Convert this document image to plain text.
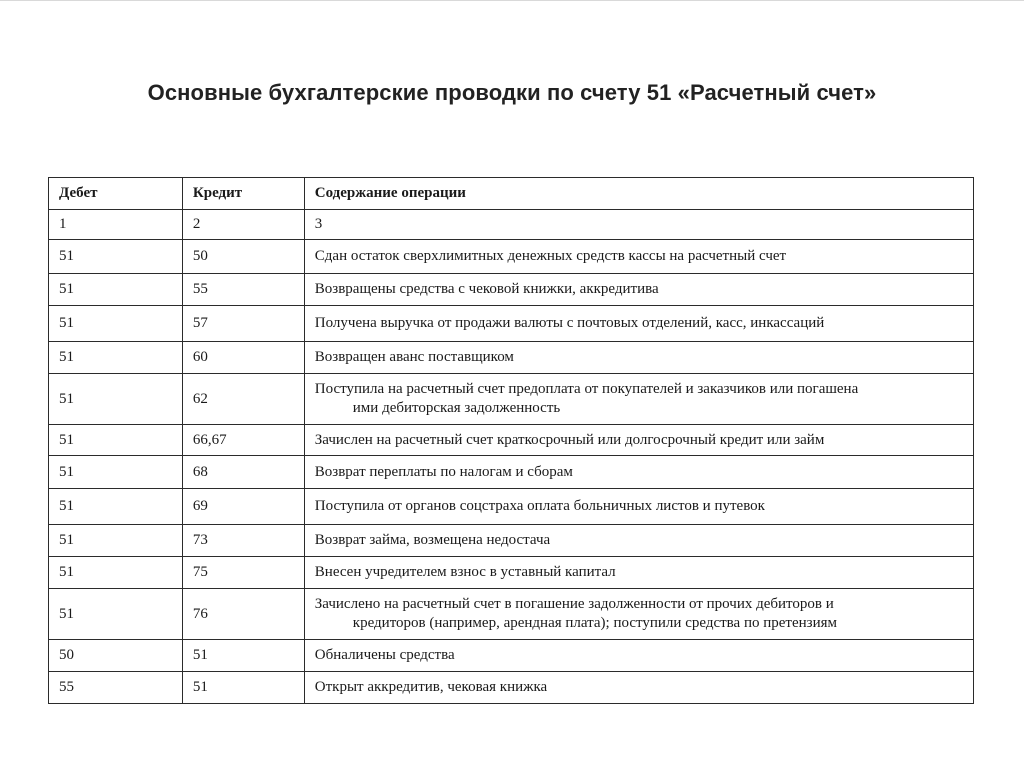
Основные бухгалтерские проводки по счету 51 «Расчетный счет»
Дебет	Кредит	Содержание операции
1	2	3
51	50	Сдан остаток сверхлимитных денежных средств кассы на расчетный счет
51	55	Возвращены средства с чековой книжки, аккредитива
51	57	Получена выручка от продажи валюты с почтовых отделений, касс, инкассаций
51	60	Возвращен аванс поставщиком
51	62	Поступила на расчетный счет предоплата от покупателей и заказчиков или погашена
ими дебиторская задолженность

51	66,67	Зачислен на расчетный счет краткосрочный или долгосрочный кредит или займ
51	68	Возврат переплаты по налогам и сборам
51	69	Поступила от органов соцстраха оплата больничных листов и путевок
51	73	Возврат займа, возмещена недостача
51	75	Внесен учредителем взнос в уставный капитал
51	76	Зачислено на расчетный счет в погашение задолженности от прочих дебиторов и
кредиторов (например, арендная плата); поступили средства по претензиям

50	51	Обналичены средства
55	51	Открыт аккредитив, чековая книжка
